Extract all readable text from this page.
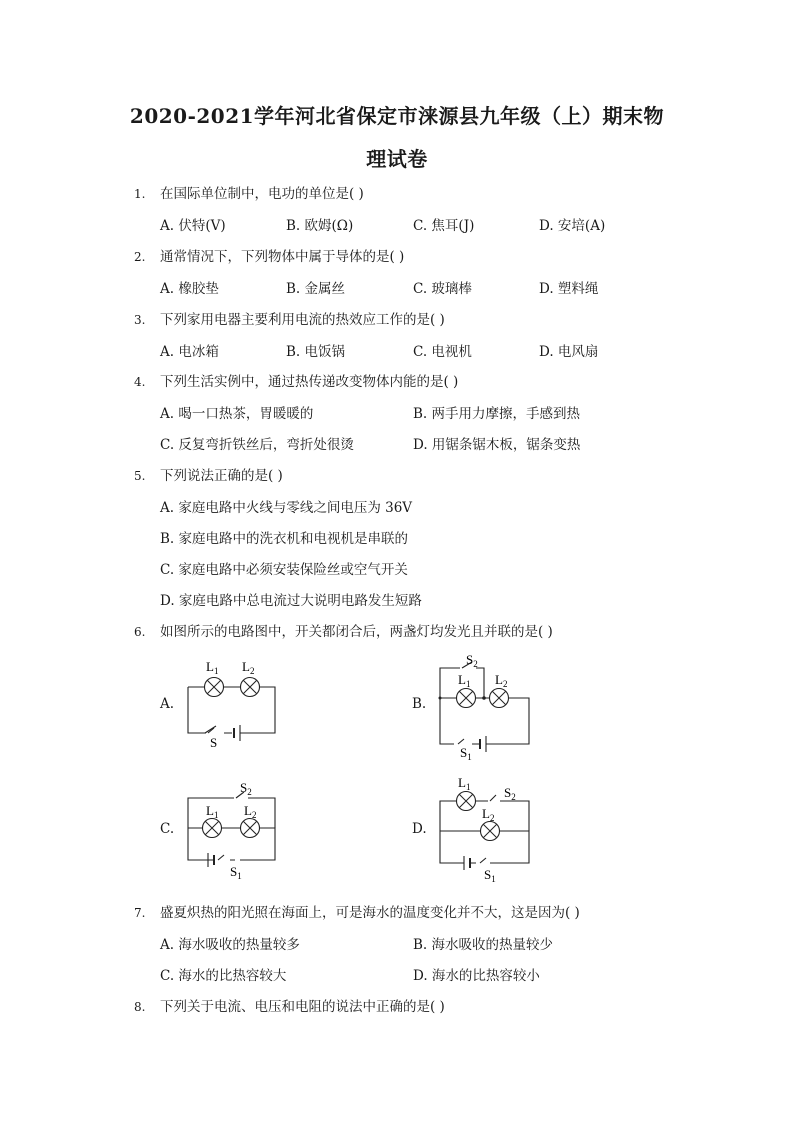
2020-2021学年河北省保定市涞源县九年级（上）期末物
理试卷
1. 在国际单位制中，电功的单位是( )
A. 伏特(V)	B. 欧姆(Ω)	C. 焦耳(J)	D. 安培(A)
2. 通常情况下，下列物体中属于导体的是( )
A. 橡胶垫	B. 金属丝	C. 玻璃棒	D. 塑料绳
3. 下列家用电器主要利用电流的热效应工作的是( )
A. 电冰箱	B. 电饭锅	C. 电视机	D. 电风扇
4. 下列生活实例中，通过热传递改变物体内能的是( )
A. 喝一口热茶，胃暖暖的	B. 两手用力摩擦，手感到热
C. 反复弯折铁丝后，弯折处很烫	D. 用锯条锯木板，锯条变热
5. 下列说法正确的是( )
A. 家庭电路中火线与零线之间电压为 36V
B. 家庭电路中的洗衣机和电视机是串联的
C. 家庭电路中必须安装保险丝或空气开关
D. 家庭电路中总电流过大说明电路发生短路
6. 如图所示的电路图中，开关都闭合后，两盏灯均发光且并联的是( )
A.	B.
C.	D.
$L_1$ $L_2$
S
$S_2$
$L_1$ $L_2$
$S_1$
$S_2$
$L_1$ $L_2$
$S_1$
$L_1$	$S_2$
$L_2$
$S_1$
7. 盛夏炽热的阳光照在海面上，可是海水的温度变化并不大，这是因为( )
A. 海水吸收的热量较多	B. 海水吸收的热量较少
C. 海水的比热容较大	D. 海水的比热容较小
8. 下列关于电流、电压和电阻的说法中正确的是( )
